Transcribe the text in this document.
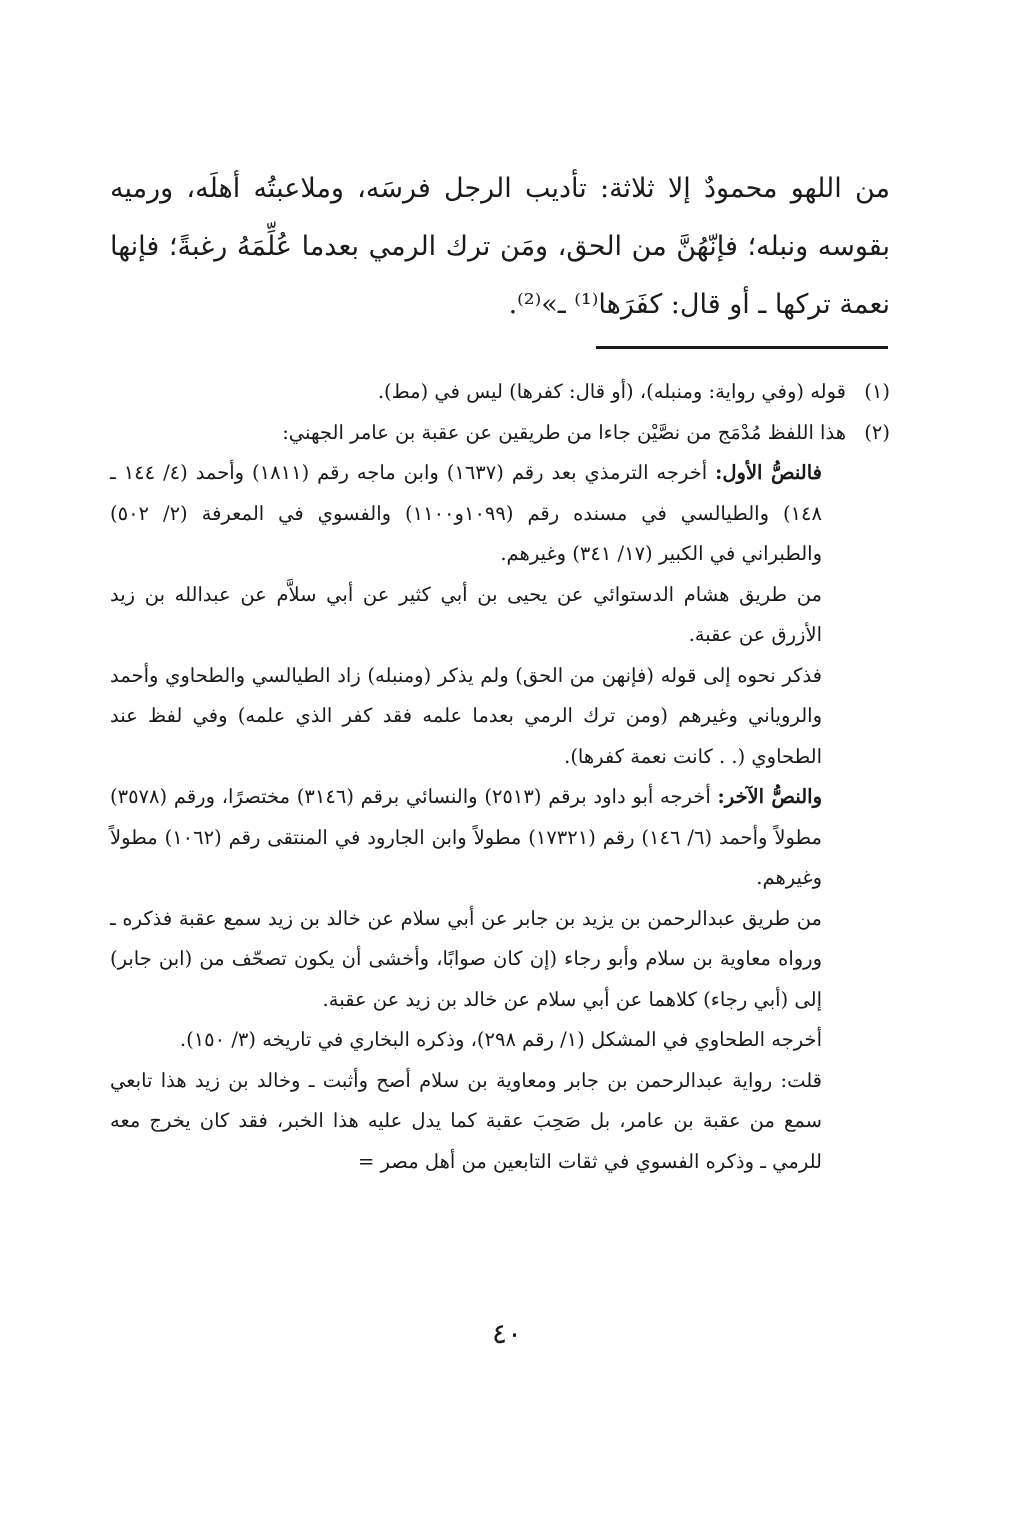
من اللهو محمودٌ إلا ثلاثة: تأديب الرجل فرسَه، وملاعبتُه أهلَه، ورميه بقوسه ونبله؛ فإنّهُنَّ من الحق، ومَن ترك الرمي بعدما عُلِّمَهُ رغبةً؛ فإنها نعمة تركها ـ أو قال: كفَرَها⁽¹⁾ ـ»⁽²⁾.

(١)
قوله (وفي رواية: ومنبله)، (أو قال: كفرها) ليس في (مط).
(٢)

هذا اللفظ مُدْمَج من نصَّيْن جاءا من طريقين عن عقبة بن عامر الجهني:

فالنصُّ الأول: أخرجه الترمذي بعد رقم (١٦٣٧) وابن ماجه رقم (١٨١١) وأحمد (٤/ ١٤٤ ـ ١٤٨) والطيالسي في مسنده رقم (١٠٩٩و١١٠٠) والفسوي في المعرفة (٢/ ٥٠٢) والطبراني في الكبير (١٧/ ٣٤١) وغيرهم.

من طريق هشام الدستوائي عن يحيى بن أبي كثير عن أبي سلاَّم عن عبدالله بن زيد الأزرق عن عقبة.

فذكر نحوه إلى قوله (فإنهن من الحق) ولم يذكر (ومنبله) زاد الطيالسي والطحاوي وأحمد والروياني وغيرهم (ومن ترك الرمي بعدما علمه فقد كفر الذي علمه) وفي لفظ عند الطحاوي (. . كانت نعمة كفرها).

والنصُّ الآخر: أخرجه أبو داود برقم (٢٥١٣) والنسائي برقم (٣١٤٦) مختصرًا، ورقم (٣٥٧٨) مطولاً وأحمد (٦/ ١٤٦) رقم (١٧٣٢١) مطولاً وابن الجارود في المنتقى رقم (١٠٦٢) مطولاً وغيرهم.

من طريق عبدالرحمن بن يزيد بن جابر عن أبي سلام عن خالد بن زيد سمع عقبة فذكره ـ ورواه معاوية بن سلام وأبو رجاء (إن كان صوابًا، وأخشى أن يكون تصحّف من (ابن جابر) إلى (أبي رجاء) كلاهما عن أبي سلام عن خالد بن زيد عن عقبة.

أخرجه الطحاوي في المشكل (١/ رقم ٢٩٨)، وذكره البخاري في تاريخه (٣/ ١٥٠).

قلت: رواية عبدالرحمن بن جابر ومعاوية بن سلام أصح وأثبت ـ وخالد بن زيد هذا تابعي سمع من عقبة بن عامر، بل صَحِبَ عقبة كما يدل عليه هذا الخبر، فقد كان يخرج معه للرمي ـ وذكره الفسوي في ثقات التابعين من أهل مصر =

٤٠
